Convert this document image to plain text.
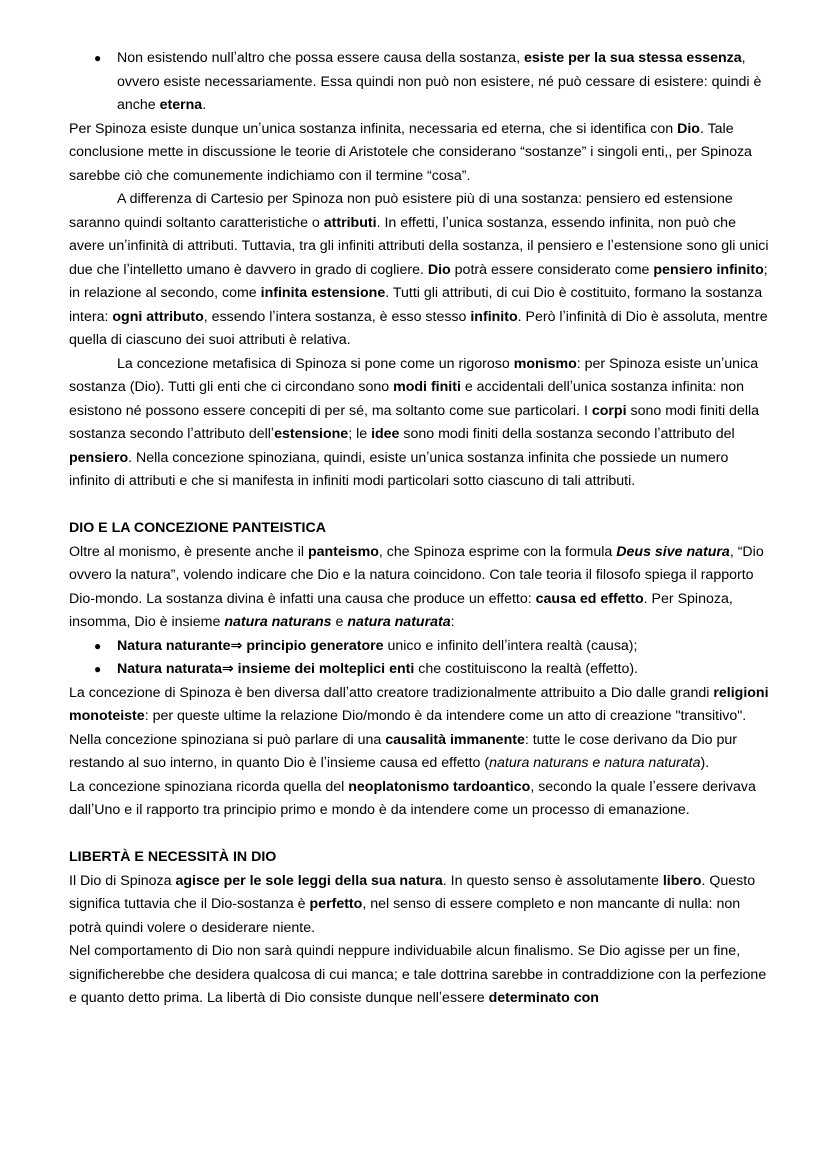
● Non esistendo nullʼaltro che possa essere causa della sostanza, esiste per la sua stessa essenza, ovvero esiste necessariamente. Essa quindi non può non esistere, né può cessare di esistere: quindi è anche eterna.

Per Spinoza esiste dunque unʼunica sostanza infinita, necessaria ed eterna, che si identifica con Dio. Tale conclusione mette in discussione le teorie di Aristotele che considerano “sostanze” i singoli enti,, per Spinoza sarebbe ciò che comunemente indichiamo con il termine “cosa”.

A differenza di Cartesio per Spinoza non può esistere più di una sostanza: pensiero ed estensione saranno quindi soltanto caratteristiche o attributi. In effetti, lʼunica sostanza, essendo infinita, non può che avere unʼinfinità di attributi. Tuttavia, tra gli infiniti attributi della sostanza, il pensiero e lʼestensione sono gli unici due che lʼintelletto umano è davvero in grado di cogliere. Dio potrà essere considerato come pensiero infinito; in relazione al secondo, come infinita estensione. Tutti gli attributi, di cui Dio è costituito, formano la sostanza intera: ogni attributo, essendo lʼintera sostanza, è esso stesso infinito. Però lʼinfinità di Dio è assoluta, mentre quella di ciascuno dei suoi attributi è relativa.

La concezione metafisica di Spinoza si pone come un rigoroso monismo: per Spinoza esiste unʼunica sostanza (Dio). Tutti gli enti che ci circondano sono modi finiti e accidentali dellʼunica sostanza infinita: non esistono né possono essere concepiti di per sé, ma soltanto come sue particolari. I corpi sono modi finiti della sostanza secondo lʼattributo dellʼestensione; le idee sono modi finiti della sostanza secondo lʼattributo del pensiero. Nella concezione spinoziana, quindi, esiste unʼunica sostanza infinita che possiede un numero infinito di attributi e che si manifesta in infiniti modi particolari sotto ciascuno di tali attributi.

DIO E LA CONCEZIONE PANTEISTICA

Oltre al monismo, è presente anche il panteismo, che Spinoza esprime con la formula Deus sive natura, “Dio ovvero la natura”, volendo indicare che Dio e la natura coincidono. Con tale teoria il filosofo spiega il rapporto Dio-mondo. La sostanza divina è infatti una causa che produce un effetto: causa ed effetto. Per Spinoza, insomma, Dio è insieme natura naturans e natura naturata:

● Natura naturante⇒ principio generatore unico e infinito dellʼintera realtà (causa);
● Natura naturata⇒ insieme dei molteplici enti che costituiscono la realtà (effetto).

La concezione di Spinoza è ben diversa dallʼatto creatore tradizionalmente attribuito a Dio dalle grandi religioni monoteiste: per queste ultime la relazione Dio/mondo è da intendere come un atto di creazione "transitivo". Nella concezione spinoziana si può parlare di una causalità immanente: tutte le cose derivano da Dio pur restando al suo interno, in quanto Dio è lʼinsieme causa ed effetto (natura naturans e natura naturata).

La concezione spinoziana ricorda quella del neoplatonismo tardoantico, secondo la quale lʼessere derivava dallʼUno e il rapporto tra principio primo e mondo è da intendere come un processo di emanazione.

LIBERTÀ E NECESSITÀ IN DIO

Il Dio di Spinoza agisce per le sole leggi della sua natura. In questo senso è assolutamente libero. Questo significa tuttavia che il Dio-sostanza è perfetto, nel senso di essere completo e non mancante di nulla: non potrà quindi volere o desiderare niente.

Nel comportamento di Dio non sarà quindi neppure individuabile alcun finalismo. Se Dio agisse per un fine, significherebbe che desidera qualcosa di cui manca; e tale dottrina sarebbe in contraddizione con la perfezione e quanto detto prima. La libertà di Dio consiste dunque nellʼessere determinato con
